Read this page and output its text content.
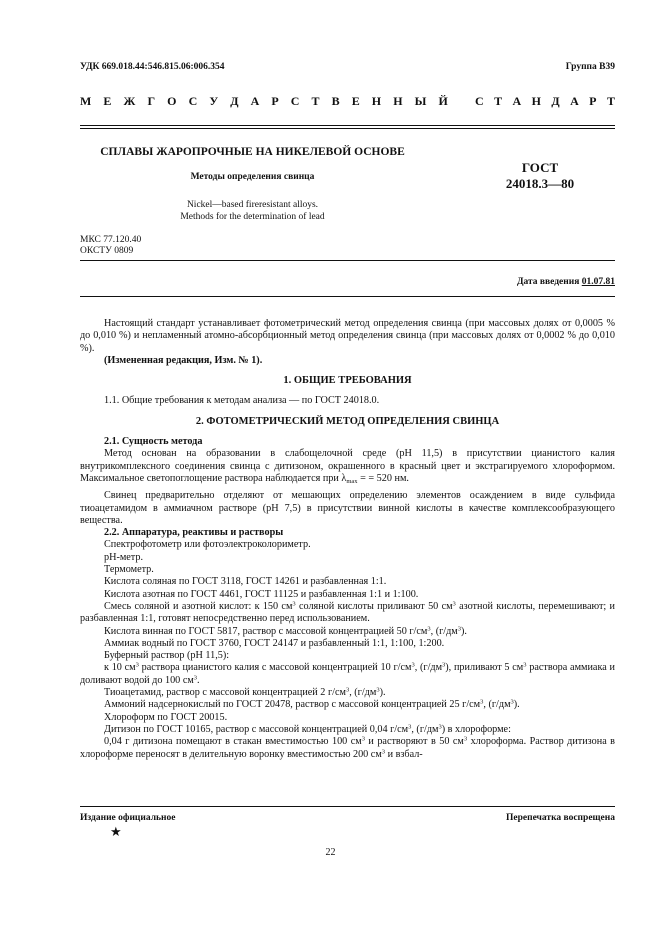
УДК 669.018.44:546.815.06:006.354	Группа В39
М Е Ж Г О С У Д А Р С Т В Е Н Н Ы Й С Т А Н Д А Р Т
СПЛАВЫ ЖАРОПРОЧНЫЕ НА НИКЕЛЕВОЙ ОСНОВЕ
Методы определения свинца
Nickel—based fireresistant alloys.
Methods for the determination of lead
ГОСТ
24018.3—80
МКС 77.120.40
ОКСТУ 0809
Дата введения 01.07.81

Настоящий стандарт устанавливает фотометрический метод определения свинца (при массовых долях от 0,0005 % до 0,010 %) и непламенный атомно-абсорбционный метод определения свинца (при массовых долях от 0,0002 % до 0,010 %).

(Измененная редакция, Изм. № 1).

1. ОБЩИЕ ТРЕБОВАНИЯ

1.1. Общие требования к методам анализа — по ГОСТ 24018.0.

2. ФОТОМЕТРИЧЕСКИЙ МЕТОД ОПРЕДЕЛЕНИЯ СВИНЦА

2.1. Сущность метода

Метод основан на образовании в слабощелочной среде (pH 11,5) в присутствии цианистого калия внутрикомплексного соединения свинца с дитизоном, окрашенного в красный цвет и экстрагируемого хлороформом. Максимальное светопоглощение раствора наблюдается при $\lambda_{max}$ = = 520 нм.

Свинец предварительно отделяют от мешающих определению элементов осаждением в виде сульфида тиоацетамидом в аммиачном растворе (pH 7,5) в присутствии винной кислоты в качестве комплексообразующего вещества.

2.2. Аппаратура, реактивы и растворы

Спектрофотометр или фотоэлектроколориметр.

pH-метр.

Термометр.

Кислота соляная по ГОСТ 3118, ГОСТ 14261 и разбавленная 1:1.

Кислота азотная по ГОСТ 4461, ГОСТ 11125 и разбавленная 1:1 и 1:100.

Смесь соляной и азотной кислот: к 150 $см^3$ соляной кислоты приливают 50 $см^3$ азотной кислоты, перемешивают; и разбавленная 1:1, готовят непосредственно перед использованием.

Кислота винная по ГОСТ 5817, раствор с массовой концентрацией 50 $г/см^3$, $(г/дм^3)$.

Аммиак водный по ГОСТ 3760, ГОСТ 24147 и разбавленный 1:1, 1:100, 1:200.

Буферный раствор (pH 11,5):

к 10 $см^3$ раствора цианистого калия с массовой концентрацией 10 $г/см^3$, $(г/дм^3)$, приливают 5 $см^3$ раствора аммиака и доливают водой до 100 $см^3$.

Тиоацетамид, раствор с массовой концентрацией 2 $г/см^3$, $(г/дм^3)$.

Аммоний надсернокислый по ГОСТ 20478, раствор с массовой концентрацией 25 $г/см^3$, $(г/дм^3)$.

Хлороформ по ГОСТ 20015.

Дитизон по ГОСТ 10165, раствор с массовой концентрацией 0,04 $г/см^3$, $(г/дм^3)$ в хлороформе:

0,04 г дитизона помещают в стакан вместимостью 100 $см^3$ и растворяют в 50 $см^3$ хлороформа. Раствор дитизона в хлороформе переносят в делительную воронку вместимостью 200 $см^3$ и взбал-

Издание официальное	Перепечатка воспрещена
★
22
